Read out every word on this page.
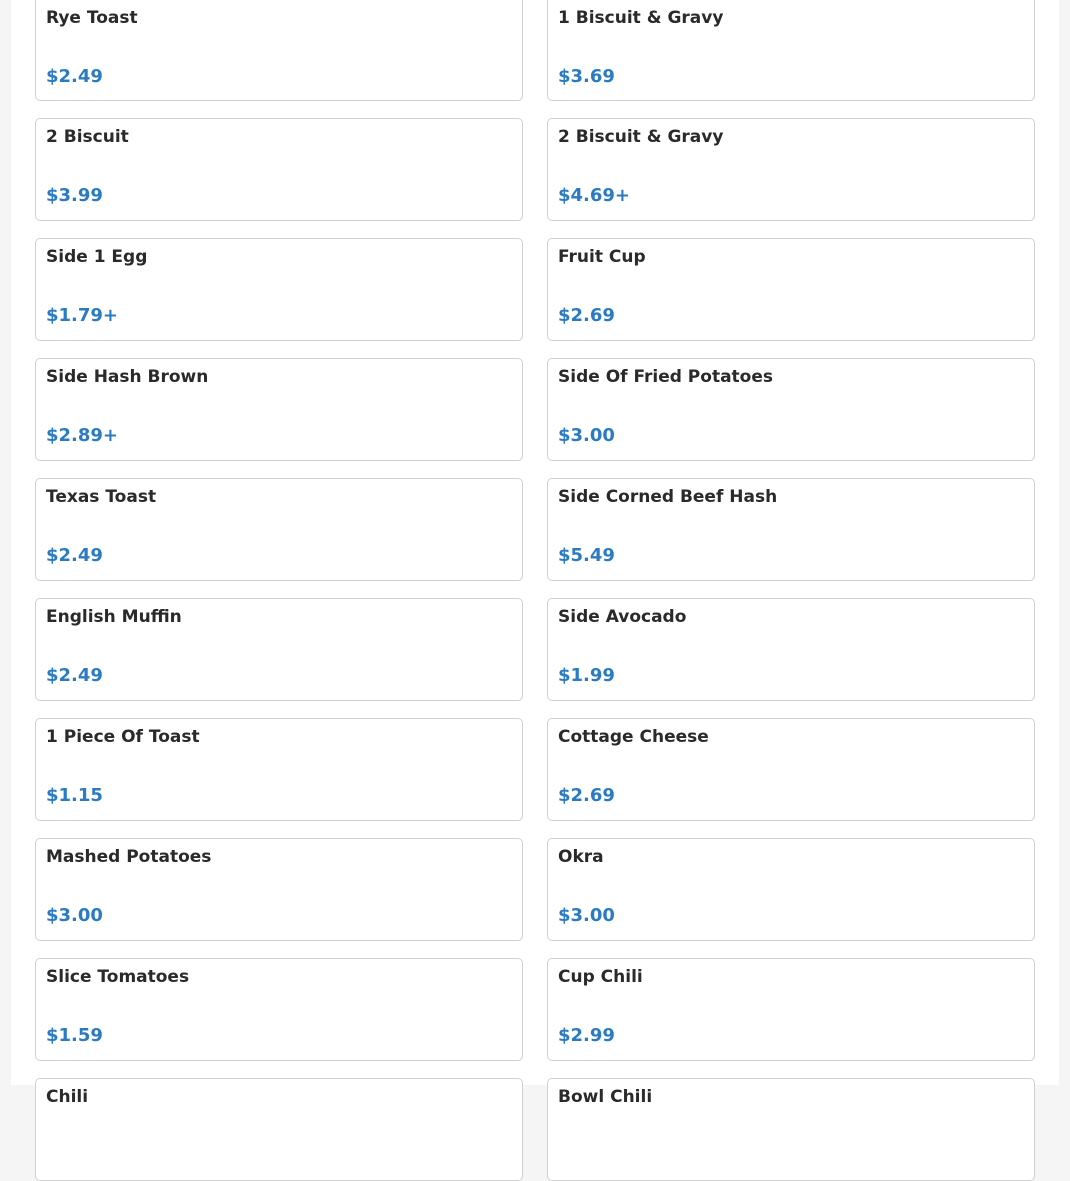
Rye Toast
$2.49
1 Biscuit & Gravy
$3.69
2 Biscuit
$3.99
2 Biscuit & Gravy
$4.69+
Side 1 Egg
$1.79+
Fruit Cup
$2.69
Side Hash Brown
$2.89+
Side Of Fried Potatoes
$3.00
Texas Toast
$2.49
Side Corned Beef Hash
$5.49
English Muffin
$2.49
Side Avocado
$1.99
1 Piece Of Toast
$1.15
Cottage Cheese
$2.69
Mashed Potatoes
$3.00
Okra
$3.00
Slice Tomatoes
$1.59
Cup Chili
$2.99
Chili	Bowl Chili
